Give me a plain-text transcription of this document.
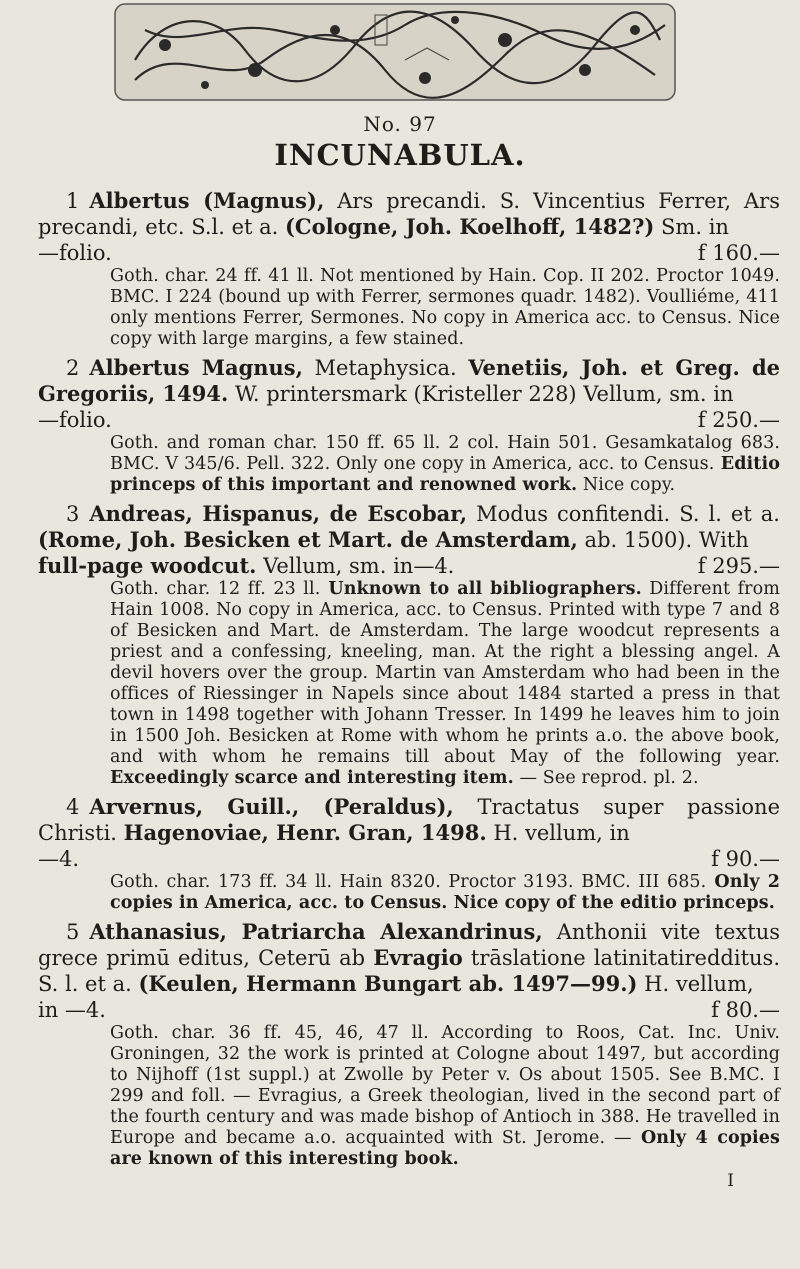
No. 97
INCUNABULA.

1 Albertus (Magnus), Ars precandi. S. Vincentius Ferrer, Ars precandi, etc. S.l. et a. (Cologne, Joh. Koelhoff, 1482?) Sm. in

—folio.	f 160.—
Goth. char. 24 ff. 41 ll. Not mentioned by Hain. Cop. II 202. Proctor 1049. BMC. I 224 (bound up with Ferrer, sermones quadr. 1482). Voulliéme, 411 only mentions Ferrer, Sermones. No copy in America acc. to Census. Nice copy with large margins, a few stained.

2 Albertus Magnus, Metaphysica. Venetiis, Joh. et Greg. de Gregoriis, 1494. W. printersmark (Kristeller 228) Vellum, sm. in

—folio.	f 250.—
Goth. and roman char. 150 ff. 65 ll. 2 col. Hain 501. Gesamkatalog 683. BMC. V 345/6. Pell. 322. Only one copy in America, acc. to Census. Editio princeps of this important and renowned work. Nice copy.

3 Andreas, Hispanus, de Escobar, Modus confitendi. S. l. et a. (Rome, Joh. Besicken et Mart. de Amsterdam, ab. 1500). With

full-page woodcut. Vellum, sm. in—4.	f 295.—
Goth. char. 12 ff. 23 ll. Unknown to all bibliographers. Different from Hain 1008. No copy in America, acc. to Census. Printed with type 7 and 8 of Besicken and Mart. de Amsterdam. The large woodcut represents a priest and a confessing, kneeling, man. At the right a blessing angel. A devil hovers over the group. Martin van Amsterdam who had been in the offices of Riessinger in Napels since about 1484 started a press in that town in 1498 together with Johann Tresser. In 1499 he leaves him to join in 1500 Joh. Besicken at Rome with whom he prints a.o. the above book, and with whom he remains till about May of the following year. Exceedingly scarce and interesting item. — See reprod. pl. 2.

4 Arvernus, Guill., (Peraldus), Tractatus super passione Christi. Hagenoviae, Henr. Gran, 1498. H. vellum, in

—4.	f 90.—
Goth. char. 173 ff. 34 ll. Hain 8320. Proctor 3193. BMC. III 685. Only 2 copies in America, acc. to Census. Nice copy of the editio princeps.

5 Athanasius, Patriarcha Alexandrinus, Anthonii vite textus grece primū editus, Ceterū ab Evragio trāslatione latinitatiredditus. S. l. et a. (Keulen, Hermann Bungart ab. 1497—99.) H. vellum,

in —4.	f 80.—
Goth. char. 36 ff. 45, 46, 47 ll. According to Roos, Cat. Inc. Univ. Groningen, 32 the work is printed at Cologne about 1497, but according to Nijhoff (1st suppl.) at Zwolle by Peter v. Os about 1505. See B.MC. I 299 and foll. — Evragius, a Greek theologian, lived in the second part of the fourth century and was made bishop of Antioch in 388. He travelled in Europe and became a.o. acquainted with St. Jerome. — Only 4 copies are known of this interesting book.
I
